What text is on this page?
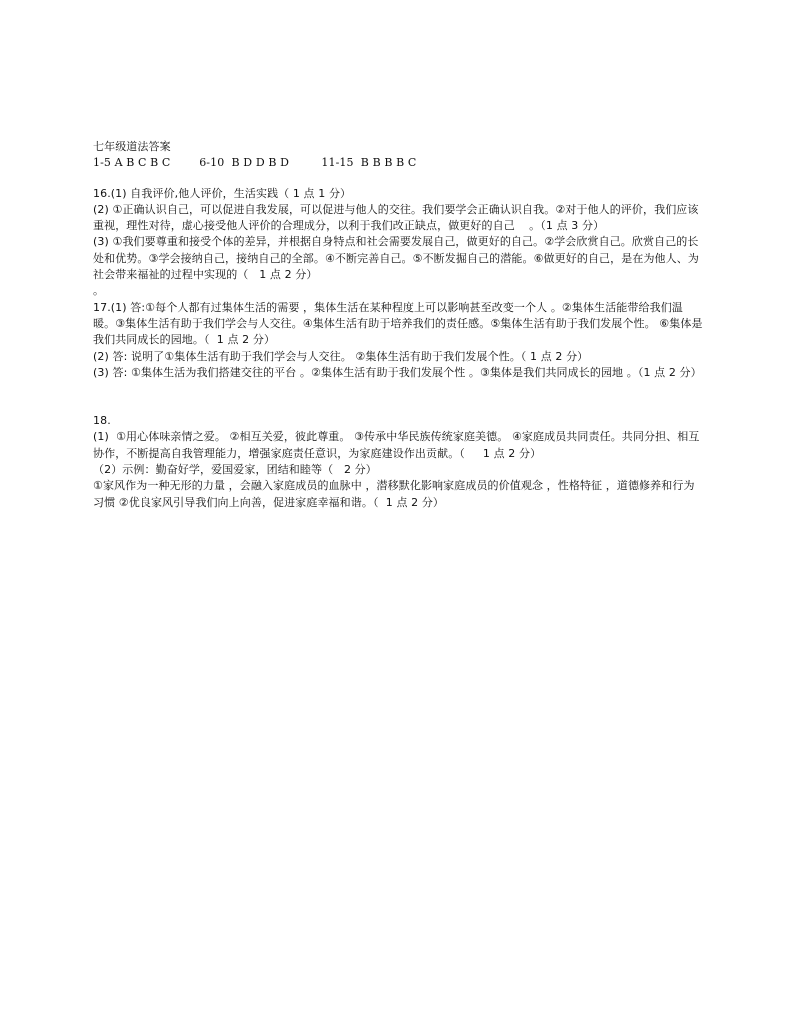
七年级道法答案
1-5 A B C B C        6-10  B D D B D         11-15  B B B B C
16.(1) 自我评价,他人评价，生活实践（ 1 点 1 分）
(2) ①正确认识自己，可以促进自我发展，可以促进与他人的交往。我们要学会正确认识自我。②对于他人的评价，我们应该重视，理性对待，虚心接受他人评价的合理成分，以利于我们改正缺点，做更好的自己    。（1 点 3 分）
(3) ①我们要尊重和接受个体的差异，并根据自身特点和社会需要发展自己，做更好的自己。②学会欣赏自己。欣赏自己的长处和优势。③学会接纳自己，接纳自己的全部。④不断完善自己。⑤不断发掘自己的潜能。⑥做更好的自己，是在为他人、为社会带来福祉的过程中实现的（   1 点 2 分）
。
17.(1) 答:①每个人都有过集体生活的需要 ，集体生活在某种程度上可以影响甚至改变一个人 。②集体生活能带给我们温暖。③集体生活有助于我们学会与人交往。④集体生活有助于培养我们的责任感。⑤集体生活有助于我们发展个性。 ⑥集体是我们共同成长的园地。（  1 点 2 分）
(2) 答: 说明了①集体生活有助于我们学会与人交往。 ②集体生活有助于我们发展个性。（ 1 点 2 分）
(3) 答: ①集体生活为我们搭建交往的平台 。②集体生活有助于我们发展个性 。③集体是我们共同成长的园地 。（1 点 2 分）
18.
(1)  ①用心体味亲情之爱。 ②相互关爱，彼此尊重。 ③传承中华民族传统家庭美德。 ④家庭成员共同责任。共同分担、相互协作，不断提高自我管理能力，增强家庭责任意识，为家庭建设作出贡献。（     1 点 2 分）
（2）示例：勤奋好学，爱国爱家，团结和睦等（   2 分）
①家风作为一种无形的力量 ，会融入家庭成员的血脉中 ，潜移默化影响家庭成员的价值观念 ，性格特征 ，道德修养和行为习惯 ②优良家风引导我们向上向善，促进家庭幸福和谐。（  1 点 2 分）
